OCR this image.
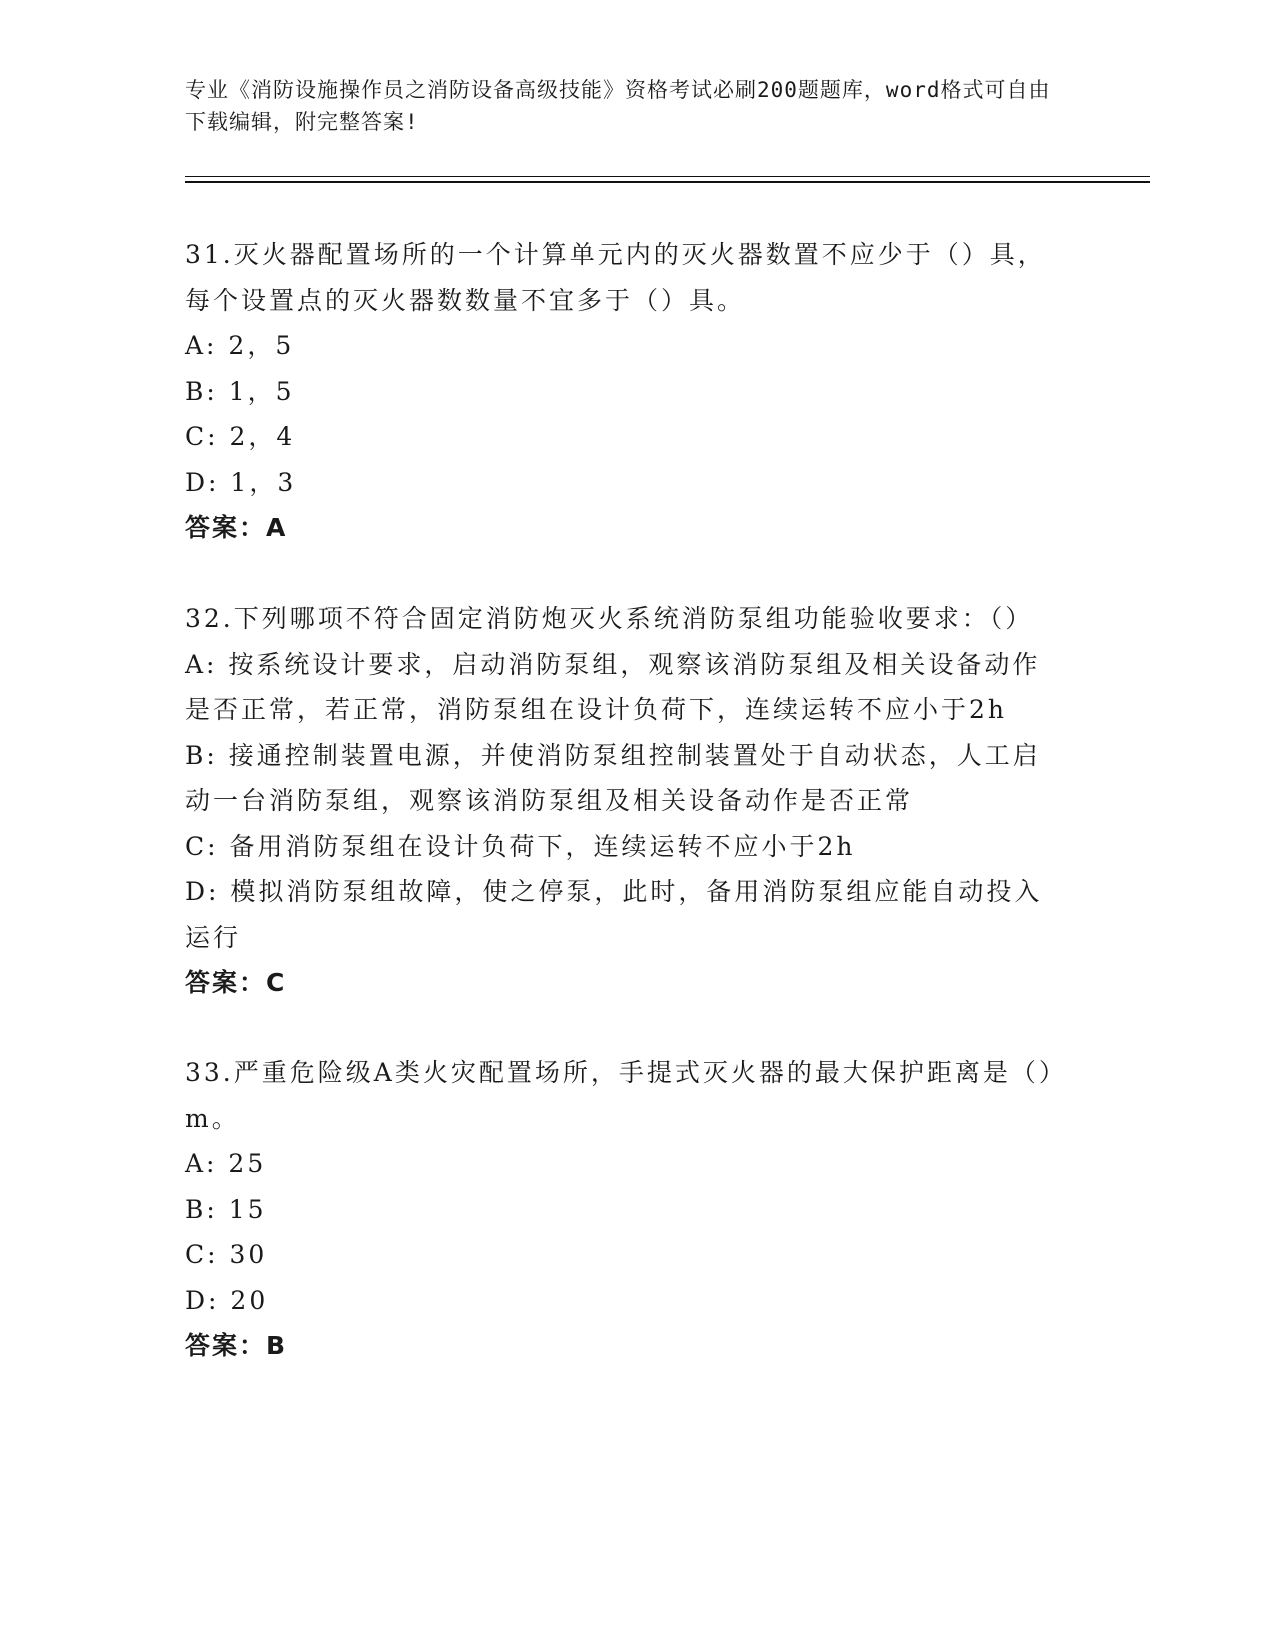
专业《消防设施操作员之消防设备高级技能》资格考试必刷200题题库，word格式可自由下载编辑，附完整答案!

31.灭火器配置场所的一个计算单元内的灭火器数置不应少于（）具，每个设置点的灭火器数数量不宜多于（）具。

A: 2，5

B: 1，5

C: 2，4

D: 1，3

答案：A

32.下列哪项不符合固定消防炮灭火系统消防泵组功能验收要求：（）

A: 按系统设计要求，启动消防泵组，观察该消防泵组及相关设备动作是否正常，若正常，消防泵组在设计负荷下，连续运转不应小于2h

B: 接通控制装置电源，并使消防泵组控制装置处于自动状态，人工启动一台消防泵组，观察该消防泵组及相关设备动作是否正常

C: 备用消防泵组在设计负荷下，连续运转不应小于2h

D: 模拟消防泵组故障，使之停泵，此时，备用消防泵组应能自动投入运行

答案：C

33.严重危险级A类火灾配置场所，手提式灭火器的最大保护距离是（）m。

A: 25

B: 15

C: 30

D: 20

答案：B
